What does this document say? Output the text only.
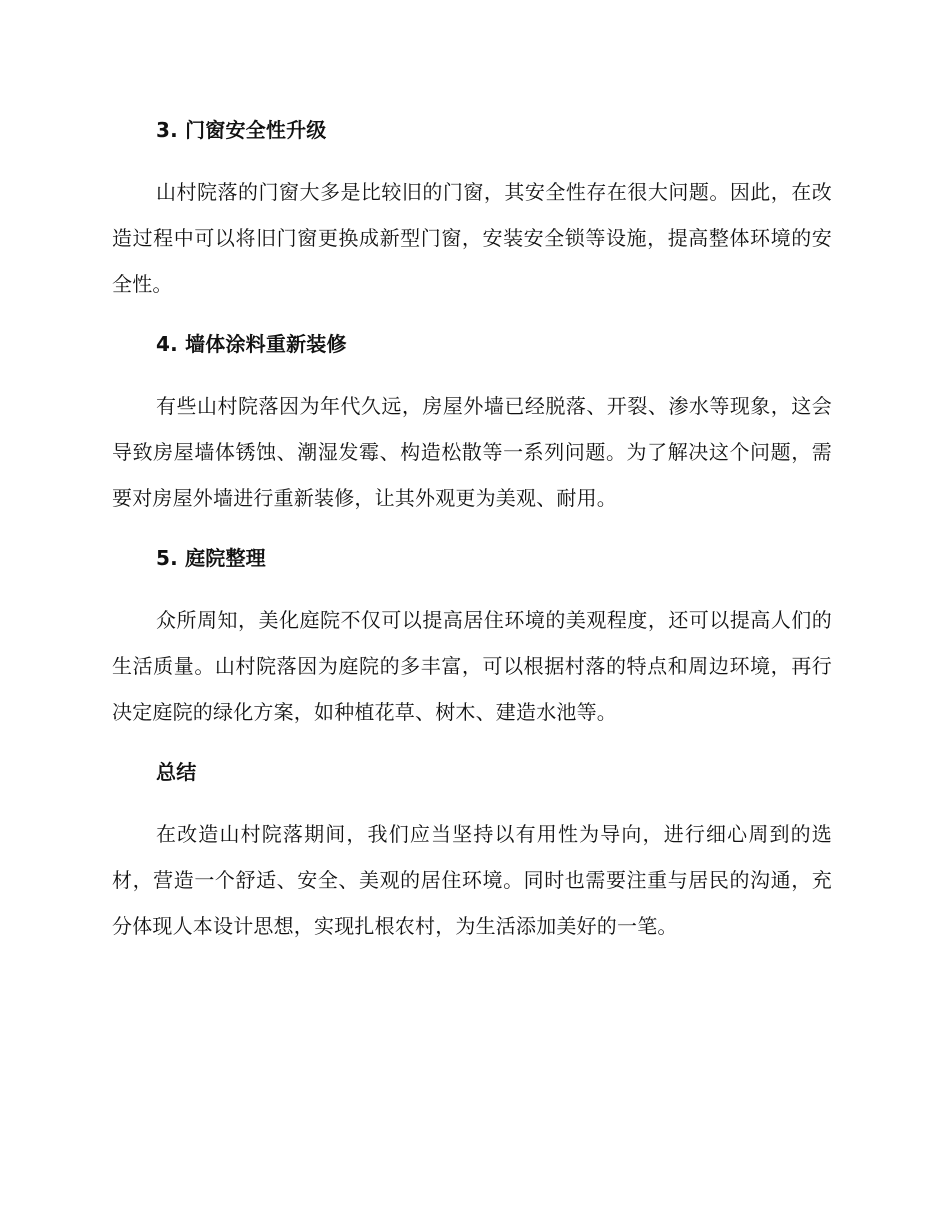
3. 门窗安全性升级

山村院落的门窗大多是比较旧的门窗，其安全性存在很大问题。因此，在改造过程中可以将旧门窗更换成新型门窗，安装安全锁等设施，提高整体环境的安全性。

4. 墙体涂料重新装修

有些山村院落因为年代久远，房屋外墙已经脱落、开裂、渗水等现象，这会导致房屋墙体锈蚀、潮湿发霉、构造松散等一系列问题。为了解决这个问题，需要对房屋外墙进行重新装修，让其外观更为美观、耐用。

5. 庭院整理

众所周知，美化庭院不仅可以提高居住环境的美观程度，还可以提高人们的生活质量。山村院落因为庭院的多丰富，可以根据村落的特点和周边环境，再行决定庭院的绿化方案，如种植花草、树木、建造水池等。

总结

在改造山村院落期间，我们应当坚持以有用性为导向，进行细心周到的选材，营造一个舒适、安全、美观的居住环境。同时也需要注重与居民的沟通，充分体现人本设计思想，实现扎根农村，为生活添加美好的一笔。
